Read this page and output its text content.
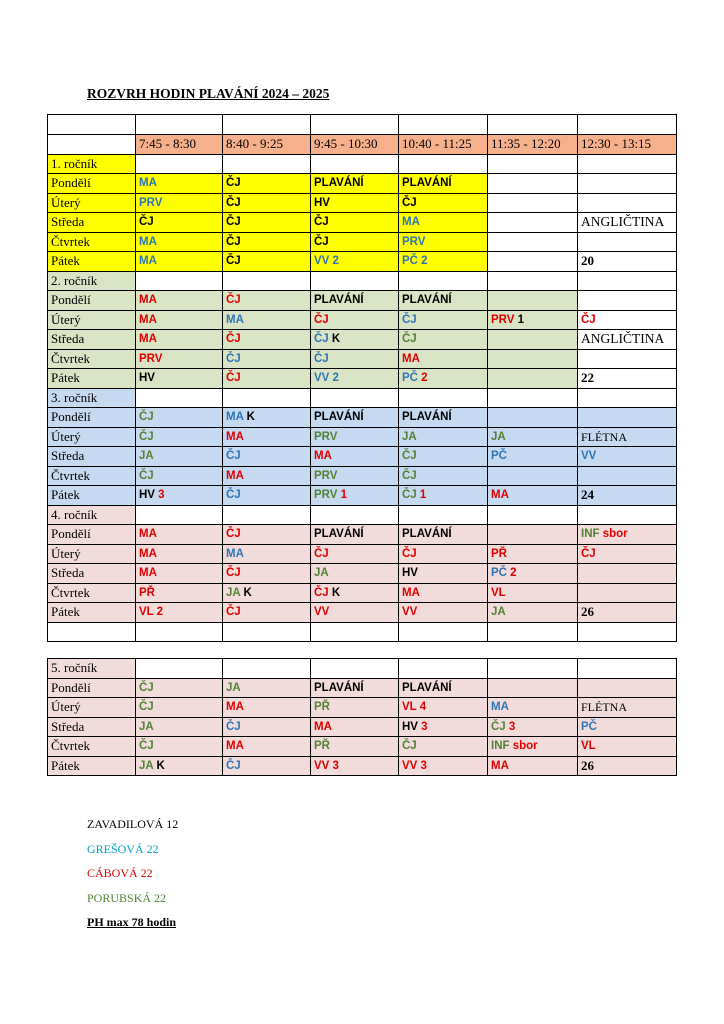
ROZVRH HODIN PLAVÁNÍ 2024 – 2025

	7:45 - 8:30	8:40 - 9:25	9:45 - 10:30	10:40 - 11:25	11:35 - 12:20	12:30 - 13:15
1. ročník						
Pondělí	MA	ČJ	PLAVÁNÍ	PLAVÁNÍ		
Úterý	PRV	ČJ	HV	ČJ		
Středa	ČJ	ČJ	ČJ	MA		ANGLIČTINA
Čtvrtek	MA	ČJ	ČJ	PRV		
Pátek	MA	ČJ	VV 2	PČ 2		20
2. ročník						
Pondělí	MA	ČJ	PLAVÁNÍ	PLAVÁNÍ		
Úterý	MA	MA	ČJ	ČJ	PRV 1	ČJ
Středa	MA	ČJ	ČJ K	ČJ		ANGLIČTINA
Čtvrtek	PRV	ČJ	ČJ	MA		
Pátek	HV	ČJ	VV 2	PČ 2		22
3. ročník						
Pondělí	ČJ	MA K	PLAVÁNÍ	PLAVÁNÍ		
Úterý	ČJ	MA	PRV	JA	JA	FLÉTNA
Středa	JA	ČJ	MA	ČJ	PČ	VV
Čtvrtek	ČJ	MA	PRV	ČJ		
Pátek	HV 3	ČJ	PRV 1	ČJ 1	MA	24
4. ročník						
Pondělí	MA	ČJ	PLAVÁNÍ	PLAVÁNÍ		INF sbor
Úterý	MA	MA	ČJ	ČJ	PŘ	ČJ
Středa	MA	ČJ	JA	HV	PČ 2	
Čtvrtek	PŘ	JA K	ČJ K	MA	VL	
Pátek	VL 2	ČJ	VV	VV	JA	26

5. ročník						
Pondělí	ČJ	JA	PLAVÁNÍ	PLAVÁNÍ		
Úterý	ČJ	MA	PŘ	VL 4	MA	FLÉTNA
Středa	JA	ČJ	MA	HV 3	ČJ 3	PČ
Čtvrtek	ČJ	MA	PŘ	ČJ	INF sbor	VL
Pátek	JA K	ČJ	VV 3	VV 3	MA	26
ZAVADILOVÁ 12
GREŠOVÁ 22
CÁBOVÁ 22
PORUBSKÁ 22
PH max 78 hodin
